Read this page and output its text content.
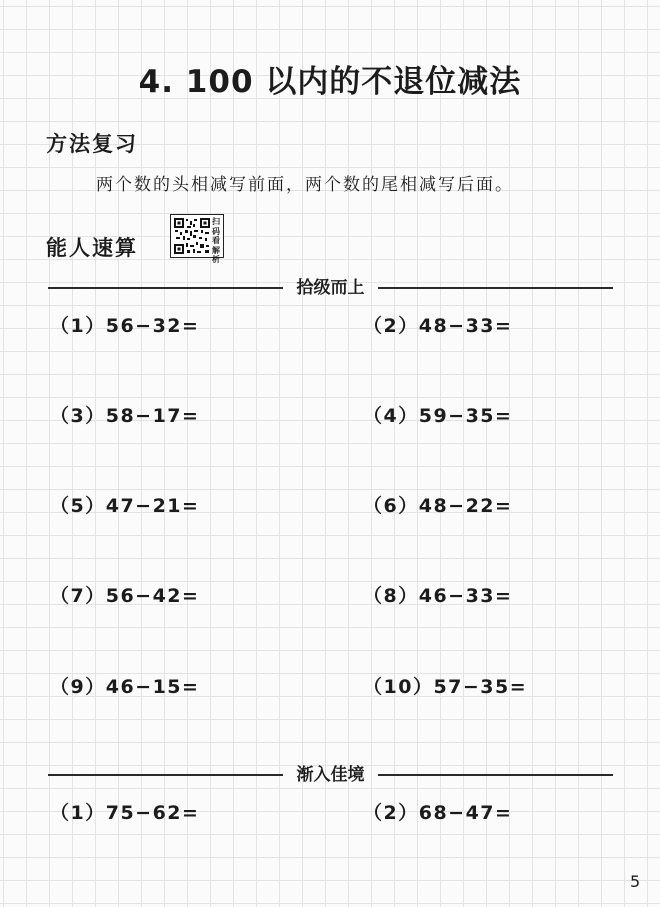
4. 100 以内的不退位减法
方法复习
两个数的头相减写前面，两个数的尾相减写后面。
能人速算
扫
码
看
解
析
拾级而上
（1）56−32=	（2）48−33=
（3）58−17=	（4）59−35=
（5）47−21=	（6）48−22=
（7）56−42=	（8）46−33=
（9）46−15=	（10）57−35=
渐入佳境
（1）75−62=	（2）68−47=
5
